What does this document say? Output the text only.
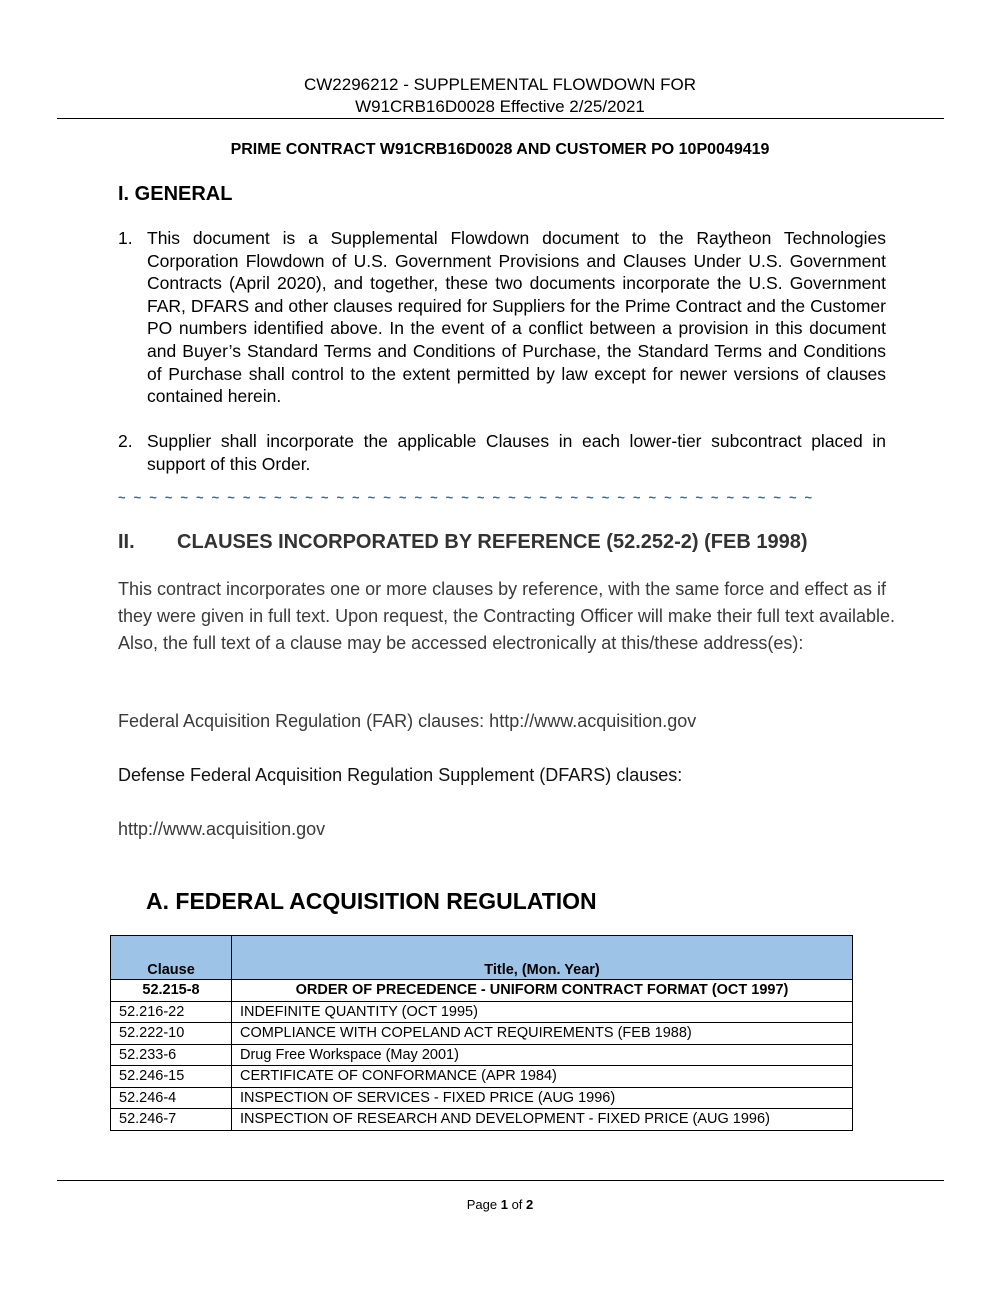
CW2296212 - SUPPLEMENTAL FLOWDOWN FOR
W91CRB16D0028 Effective 2/25/2021
PRIME CONTRACT W91CRB16D0028 AND CUSTOMER PO 10P0049419
I. GENERAL
1. This document is a Supplemental Flowdown document to the Raytheon Technologies Corporation Flowdown of U.S. Government Provisions and Clauses Under U.S. Government Contracts (April 2020), and together, these two documents incorporate the U.S. Government FAR, DFARS and other clauses required for Suppliers for the Prime Contract and the Customer PO numbers identified above. In the event of a conflict between a provision in this document and Buyer’s Standard Terms and Conditions of Purchase, the Standard Terms and Conditions of Purchase shall control to the extent permitted by law except for newer versions of clauses contained herein.
2. Supplier shall incorporate the applicable Clauses in each lower-tier subcontract placed in support of this Order.
~ ~ ~ ~ ~ ~ ~ ~ ~ ~ ~ ~ ~ ~ ~ ~ ~ ~ ~ ~ ~ ~ ~ ~ ~ ~ ~ ~ ~ ~ ~ ~ ~ ~ ~ ~ ~ ~ ~ ~ ~ ~ ~ ~ ~
II. CLAUSES INCORPORATED BY REFERENCE (52.252-2) (FEB 1998)
This contract incorporates one or more clauses by reference, with the same force and effect as if they were given in full text. Upon request, the Contracting Officer will make their full text available. Also, the full text of a clause may be accessed electronically at this/these address(es):
Federal Acquisition Regulation (FAR) clauses: http://www.acquisition.gov
Defense Federal Acquisition Regulation Supplement (DFARS) clauses:
http://www.acquisition.gov
A. FEDERAL ACQUISITION REGULATION
Clause	Title, (Mon. Year)
52.215-8	ORDER OF PRECEDENCE - UNIFORM CONTRACT FORMAT (OCT 1997)
52.216-22	INDEFINITE QUANTITY (OCT 1995)
52.222-10	COMPLIANCE WITH COPELAND ACT REQUIREMENTS (FEB 1988)
52.233-6	Drug Free Workspace (May 2001)
52.246-15	CERTIFICATE OF CONFORMANCE (APR 1984)
52.246-4	INSPECTION OF SERVICES - FIXED PRICE (AUG 1996)
52.246-7	INSPECTION OF RESEARCH AND DEVELOPMENT - FIXED PRICE (AUG 1996)
Page 1 of 2
